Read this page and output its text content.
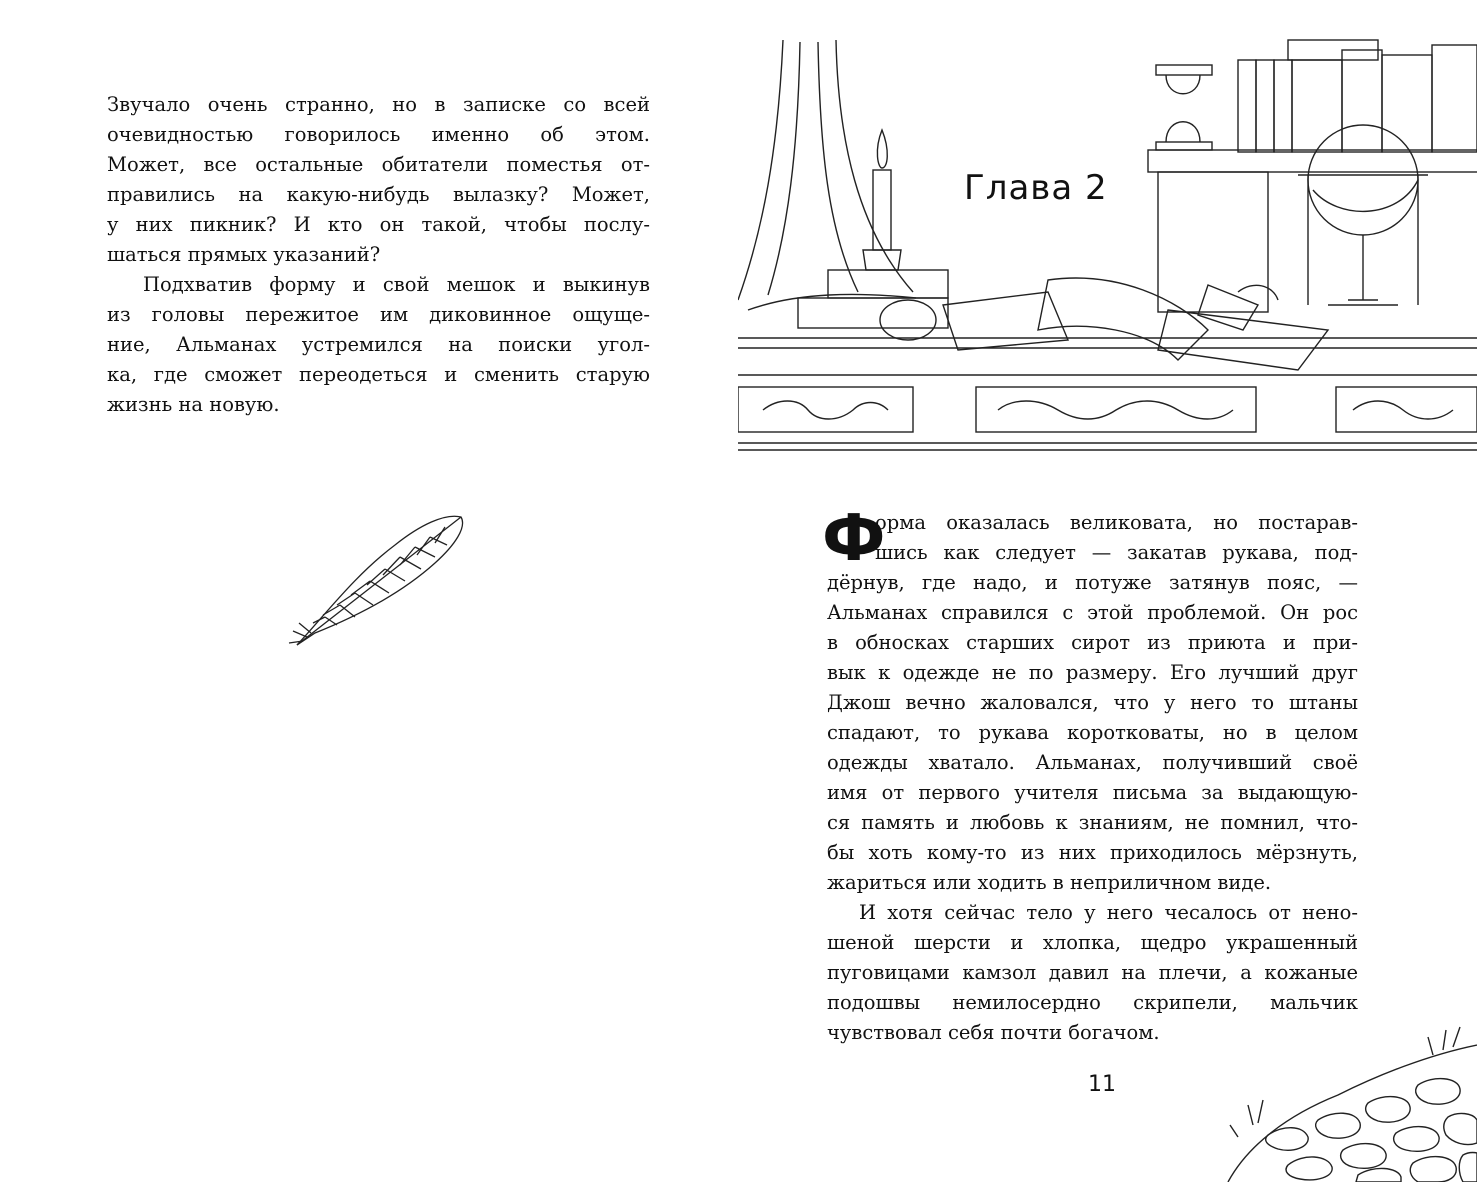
Звучало очень странно, но в записке со всей
очевидностью говорилось именно об этом.
Может, все остальные обитатели поместья от-
правились на какую-нибудь вылазку? Может,
у них пикник? И кто он такой, чтобы послу-
шаться прямых указаний?
Подхватив форму и свой мешок и выкинув
из головы пережитое им диковинное ощуще-
ние, Альманах устремился на поиски угол-
ка, где сможет переодеться и сменить старую
жизнь на новую.
Глава 2
Ф
орма оказалась великовата, но постарав-
шись как следует — закатав рукава, под-
дёрнув, где надо, и потуже затянув пояс, —
Альманах справился с этой проблемой. Он рос
в обносках старших сирот из приюта и при-
вык к одежде не по размеру. Его лучший друг
Джош вечно жаловался, что у него то штаны
спадают, то рукава коротковаты, но в целом
одежды хватало. Альманах, получивший своё
имя от первого учителя письма за выдающую-
ся память и любовь к знаниям, не помнил, что-
бы хоть кому-то из них приходилось мёрзнуть,
жариться или ходить в неприличном виде.
И хотя сейчас тело у него чесалось от нено-
шеной шерсти и хлопка, щедро украшенный
пуговицами камзол давил на плечи, а кожаные
подошвы немилосердно скрипели, мальчик
чувствовал себя почти богачом.
11
